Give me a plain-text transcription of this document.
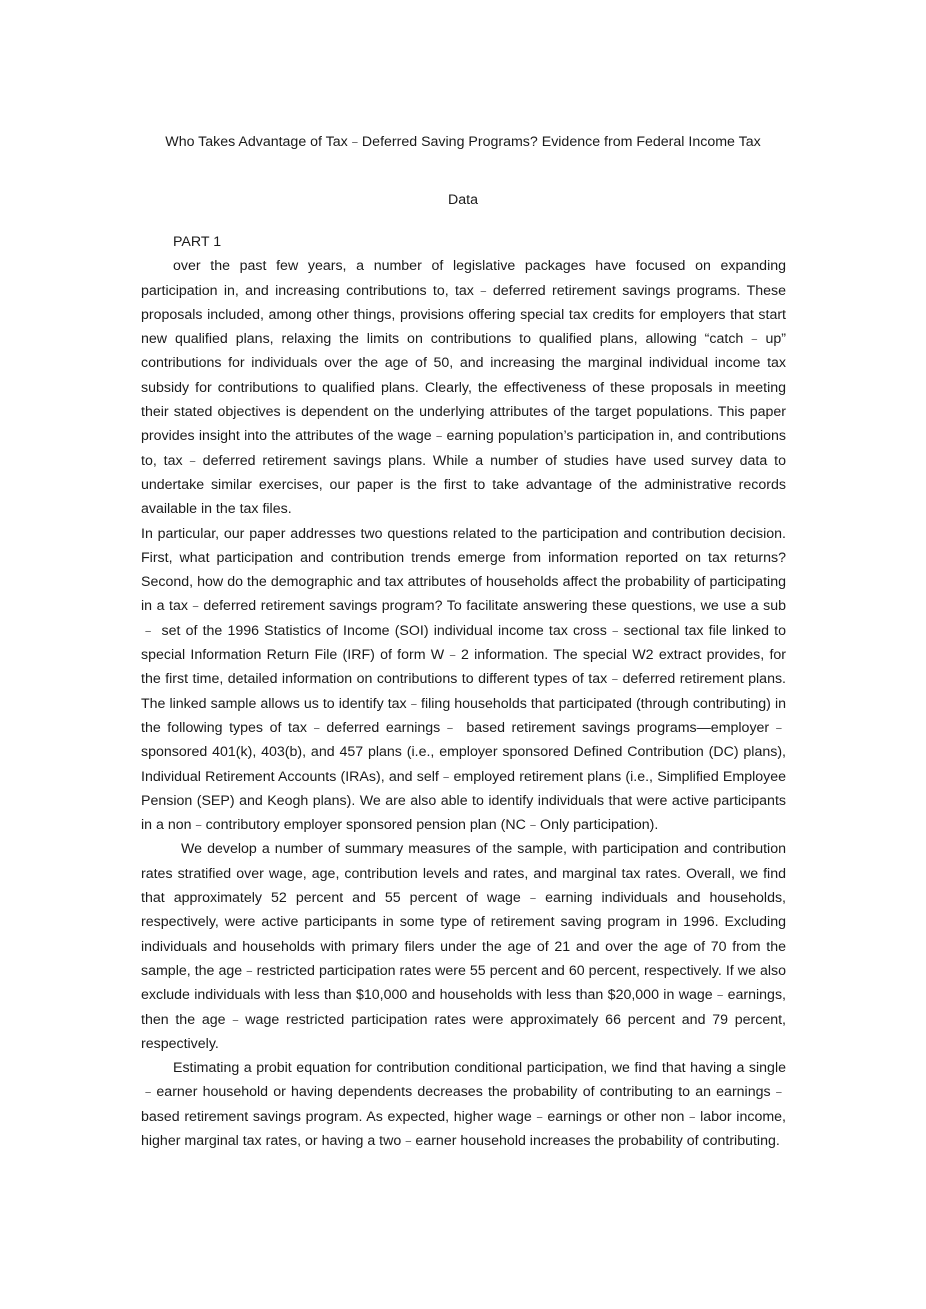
Who Takes Advantage of Tax﹣Deferred Saving Programs? Evidence from Federal Income Tax
Data
PART 1

over the past few years, a number of legislative packages have focused on expanding participation in, and increasing contributions to, tax﹣deferred retirement savings programs. These proposals included, among other things, provisions offering special tax credits for employers that start new qualified plans, relaxing the limits on contributions to qualified plans, allowing “catch﹣up” contributions for individuals over the age of 50, and increasing the marginal individual income tax subsidy for contributions to qualified plans. Clearly, the effectiveness of these proposals in meeting their stated objectives is dependent on the underlying attributes of the target populations. This paper provides insight into the attributes of the wage﹣earning population’s participation in, and contributions to, tax﹣deferred retirement savings plans. While a number of studies have used survey data to undertake similar exercises, our paper is the first to take advantage of the administrative records available in the tax files.

In particular, our paper addresses two questions related to the participation and contribution decision. First, what participation and contribution trends emerge from information reported on tax returns? Second, how do the demographic and tax attributes of households affect the probability of participating in a tax﹣deferred retirement savings program? To facilitate answering these questions, we use a sub﹣ set of the 1996 Statistics of Income (SOI) individual income tax cross﹣sectional tax file linked to special Information Return File (IRF) of form W﹣2 information. The special W2 extract provides, for the first time, detailed information on contributions to different types of tax﹣deferred retirement plans. The linked sample allows us to identify tax﹣filing households that participated (through contributing) in the following types of tax﹣deferred earnings﹣ based retirement savings programs—employer﹣sponsored 401(k), 403(b), and 457 plans (i.e., employer sponsored Defined Contribution (DC) plans), Individual Retirement Accounts (IRAs), and self﹣employed retirement plans (i.e., Simplified Employee Pension (SEP) and Keogh plans). We are also able to identify individuals that were active participants in a non﹣contributory employer sponsored pension plan (NC﹣Only participation).

We develop a number of summary measures of the sample, with participation and contribution rates stratified over wage, age, contribution levels and rates, and marginal tax rates. Overall, we find that approximately 52 percent and 55 percent of wage﹣earning individuals and households, respectively, were active participants in some type of retirement saving program in 1996. Excluding individuals and households with primary filers under the age of 21 and over the age of 70 from the sample, the age﹣restricted participation rates were 55 percent and 60 percent, respectively. If we also exclude individuals with less than $10,000 and households with less than $20,000 in wage﹣earnings, then the age﹣wage restricted participation rates were approximately 66 percent and 79 percent, respectively.

Estimating a probit equation for contribution conditional participation, we find that having a single﹣earner household or having dependents decreases the probability of contributing to an earnings﹣ based retirement savings program. As expected, higher wage﹣earnings or other non﹣labor income, higher marginal tax rates, or having a two﹣earner household increases the probability of contributing.
